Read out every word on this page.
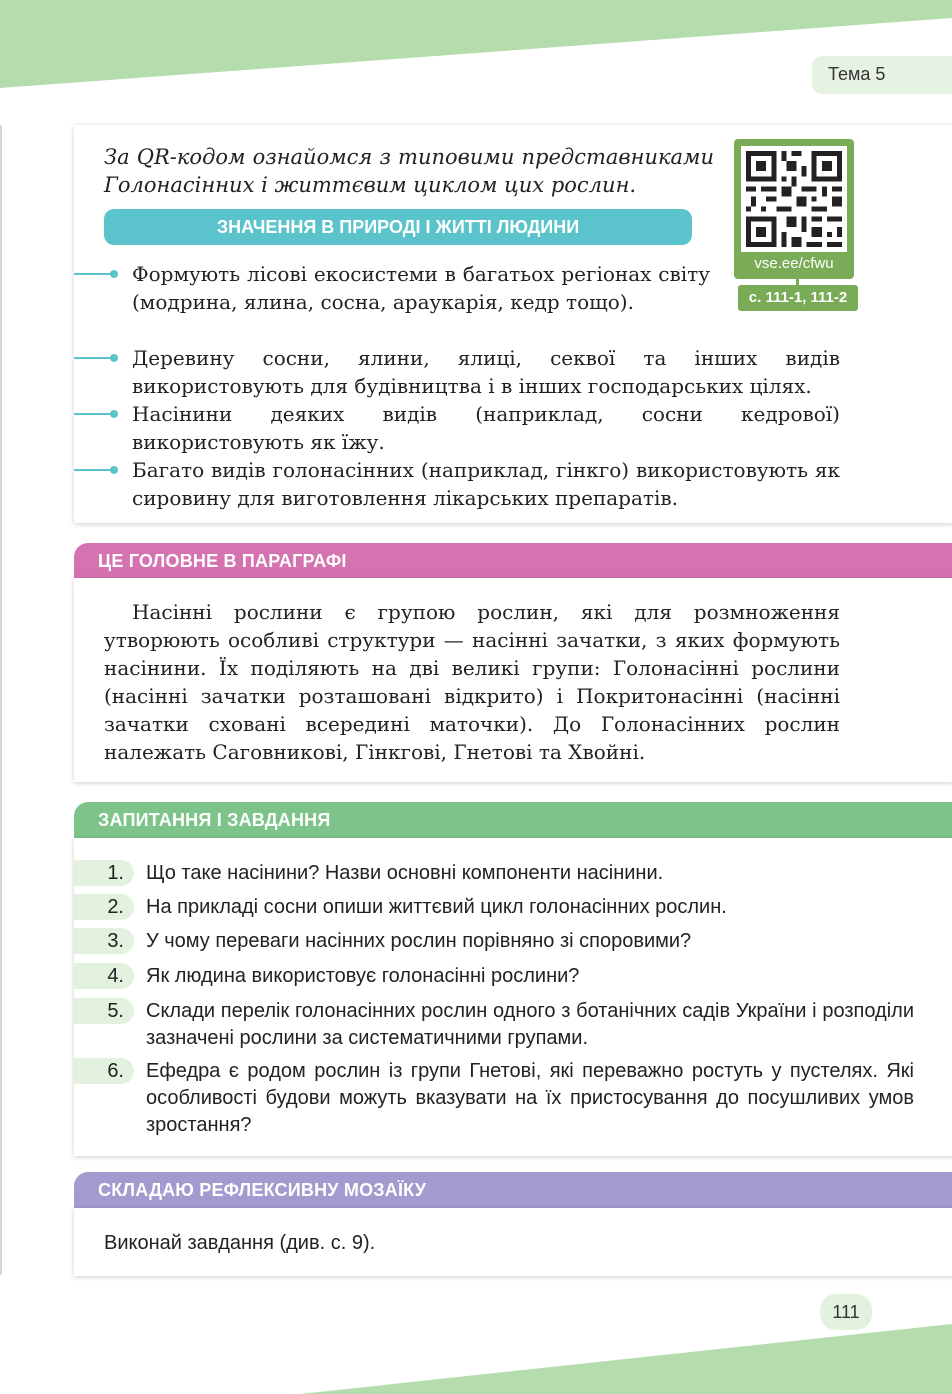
Тема 5

За QR-кодом ознайомся з типовими представниками Голонасінних і життєвим циклом цих рослин.

vse.ee/cfwu
с. 111-1, 111-2
ЗНАЧЕННЯ В ПРИРОДІ І ЖИТТІ ЛЮДИНИ
Формують лісові екосистеми в багатьох регіонах світу (модрина, ялина, сосна, араукарія, кедр тощо).
Деревину сосни, ялини, ялиці, секвої та інших видів використовують для будівництва і в інших господарських цілях.
Насінини деяких видів (наприклад, сосни кедрової) використовують як їжу.
Багато видів голонасінних (наприклад, гінкго) використовують як сировину для виготовлення лікарських препаратів.
ЦЕ ГОЛОВНЕ В ПАРАГРАФІ

Насінні рослини є групою рослин, які для розмноження утворюють особливі структури — насінні зачатки, з яких формують насінини. Їх поділяють на дві великі групи: Голонасінні рослини (насінні зачатки розташовані відкрито) і Покритонасінні (насінні зачатки сховані всередині маточки). До Голонасінних рослин належать Саговникові, Гінкгові, Гнетові та Хвойні.

ЗАПИТАННЯ І ЗАВДАННЯ
1.	Що таке насінини? Назви основні компоненти насінини.

2.	На прикладі сосни опиши життєвий цикл голонасінних рослин.

3.	У чому переваги насінних рослин порівняно зі споровими?

4.	Як людина використовує голонасінні рослини?

5.	Склади перелік голонасінних рослин одного з ботанічних садів України і розподіли зазначені рослини за систематичними групами.

6.	Ефедра є родом рослин із групи Гнетові, які переважно ростуть у пустелях. Які особливості будови можуть вказувати на їх пристосування до посушливих умов зростання?

СКЛАДАЮ РЕФЛЕКСИВНУ МОЗАЇКУ

Виконай завдання (див. с. 9).

111
